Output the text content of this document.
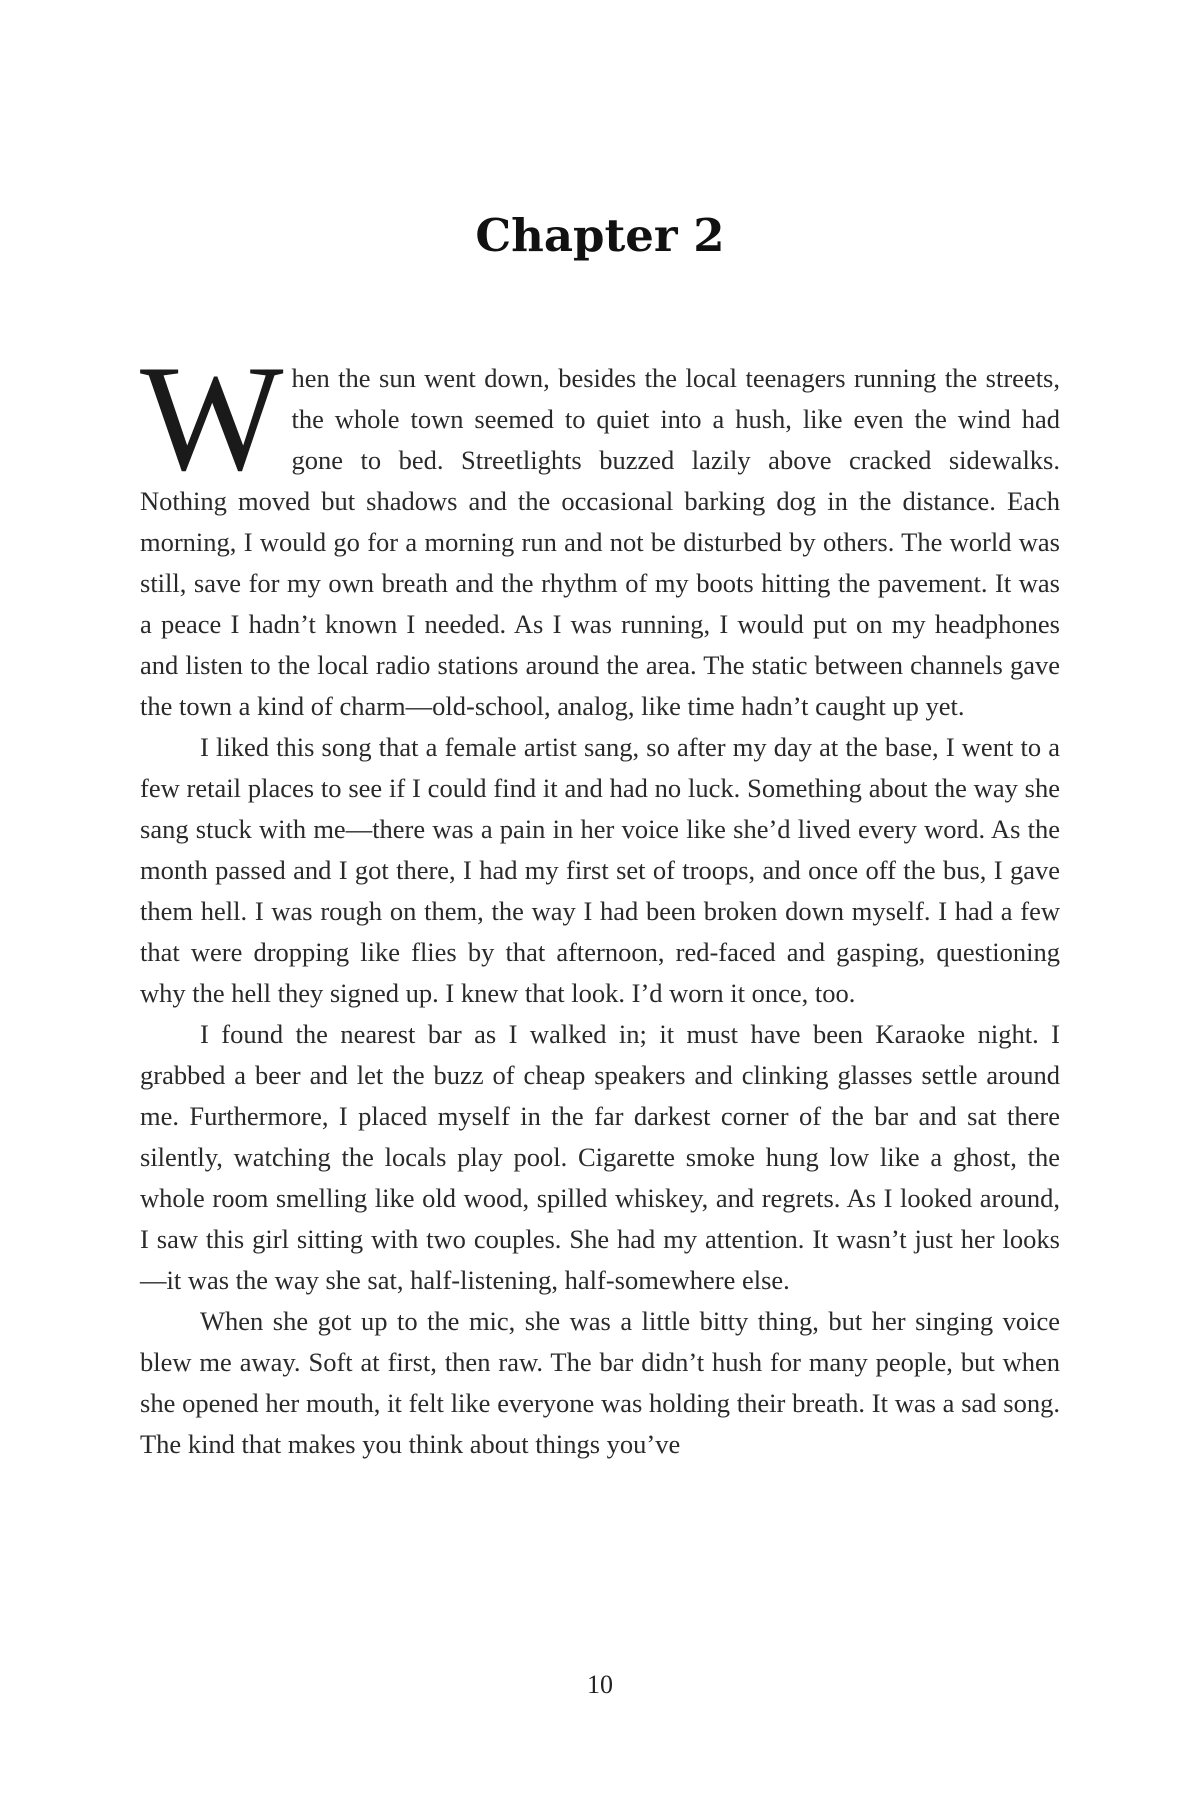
Chapter 2

When the sun went down, besides the local teenagers running the streets, the whole town seemed to quiet into a hush, like even the wind had gone to bed. Streetlights buzzed lazily above cracked sidewalks. Nothing moved but shadows and the occasional barking dog in the distance. Each morning, I would go for a morning run and not be disturbed by others. The world was still, save for my own breath and the rhythm of my boots hitting the pavement. It was a peace I hadn’t known I needed. As I was running, I would put on my headphones and listen to the local radio stations around the area. The static between channels gave the town a kind of charm—old-school, analog, like time hadn’t caught up yet.

I liked this song that a female artist sang, so after my day at the base, I went to a few retail places to see if I could find it and had no luck. Something about the way she sang stuck with me—there was a pain in her voice like she’d lived every word. As the month passed and I got there, I had my first set of troops, and once off the bus, I gave them hell. I was rough on them, the way I had been broken down myself. I had a few that were dropping like flies by that afternoon, red-faced and gasping, questioning why the hell they signed up. I knew that look. I’d worn it once, too.

I found the nearest bar as I walked in; it must have been Karaoke night. I grabbed a beer and let the buzz of cheap speakers and clinking glasses settle around me. Furthermore, I placed myself in the far darkest corner of the bar and sat there silently, watching the locals play pool. Cigarette smoke hung low like a ghost, the whole room smelling like old wood, spilled whiskey, and regrets. As I looked around, I saw this girl sitting with two couples. She had my attention. It wasn’t just her looks—it was the way she sat, half-listening, half-somewhere else.

When she got up to the mic, she was a little bitty thing, but her singing voice blew me away. Soft at first, then raw. The bar didn’t hush for many people, but when she opened her mouth, it felt like everyone was holding their breath. It was a sad song. The kind that makes you think about things you’ve

10
